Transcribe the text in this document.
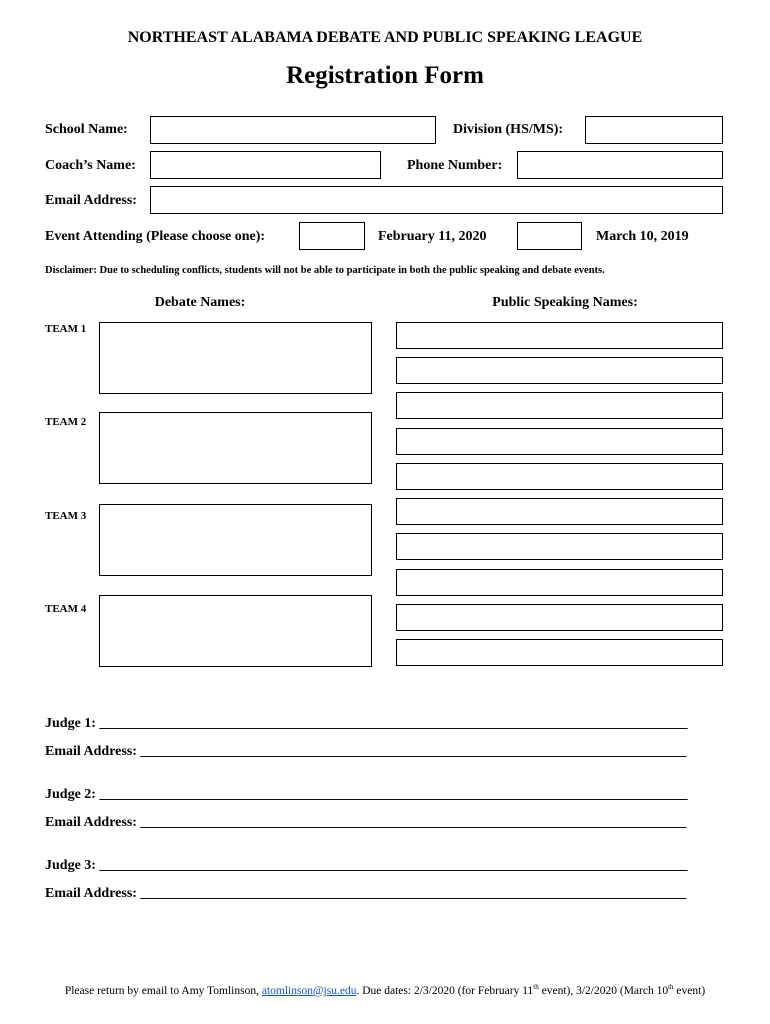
NORTHEAST ALABAMA DEBATE AND PUBLIC SPEAKING LEAGUE
Registration Form
School Name:	Division (HS/MS):
Coach’s Name:	Phone Number:
Email Address:
Event Attending (Please choose one):	February 11, 2020	March 10, 2019
Disclaimer: Due to scheduling conflicts, students will not be able to participate in both the public speaking and debate events.
Debate Names:	Public Speaking Names:
TEAM 1
TEAM 2
TEAM 3
TEAM 4
Judge 1: ____________________________________________________________________________________
Email Address: ______________________________________________________________________________
Judge 2: ____________________________________________________________________________________
Email Address: ______________________________________________________________________________
Judge 3: ____________________________________________________________________________________
Email Address: ______________________________________________________________________________
Please return by email to Amy Tomlinson, atomlinson@jsu.edu. Due dates: 2/3/2020 (for February 11th event), 3/2/2020 (March 10th event)
